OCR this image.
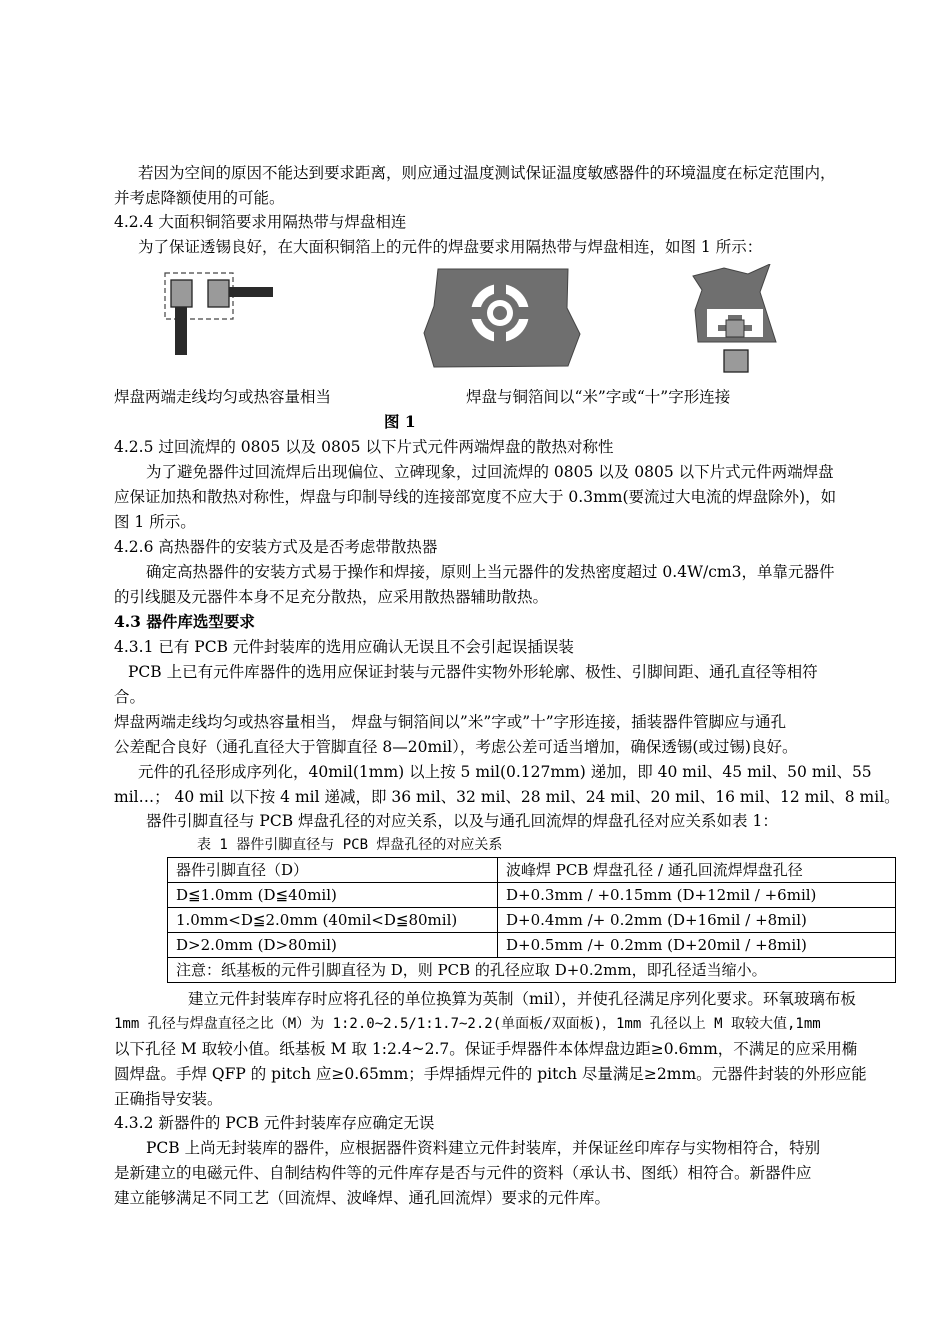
若因为空间的原因不能达到要求距离，则应通过温度测试保证温度敏感器件的环境温度在标定范围内，
并考虑降额使用的可能。
4.2.4 大面积铜箔要求用隔热带与焊盘相连
为了保证透锡良好，在大面积铜箔上的元件的焊盘要求用隔热带与焊盘相连，如图 1 所示：
焊盘两端走线均匀或热容量相当	焊盘与铜箔间以“米”字或“十”字形连接
图 1
4.2.5 过回流焊的 0805 以及 0805 以下片式元件两端焊盘的散热对称性
为了避免器件过回流焊后出现偏位、立碑现象，过回流焊的 0805 以及 0805 以下片式元件两端焊盘
应保证加热和散热对称性，焊盘与印制导线的连接部宽度不应大于 0.3mm(要流过大电流的焊盘除外)，如
图 1 所示。
4.2.6 高热器件的安装方式及是否考虑带散热器
确定高热器件的安装方式易于操作和焊接，原则上当元器件的发热密度超过 0.4W/cm3，单靠元器件
的引线腿及元器件本身不足充分散热，应采用散热器辅助散热。
4.3 器件库选型要求
4.3.1 已有 PCB 元件封装库的选用应确认无误且不会引起误插误装
PCB 上已有元件库器件的选用应保证封装与元器件实物外形轮廓、极性、引脚间距、通孔直径等相符
合。
焊盘两端走线均匀或热容量相当， 焊盘与铜箔间以”米”字或”十”字形连接，插装器件管脚应与通孔
公差配合良好（通孔直径大于管脚直径 8—20mil），考虑公差可适当增加，确保透锡(或过锡)良好。
元件的孔径形成序列化，40mil(1mm) 以上按 5 mil(0.127mm) 递加，即 40 mil、45 mil、50 mil、55
mil…； 40 mil 以下按 4 mil 递减，即 36 mil、32 mil、28 mil、24 mil、20 mil、16 mil、12 mil、8 mil。
器件引脚直径与 PCB 焊盘孔径的对应关系，以及与通孔回流焊的焊盘孔径对应关系如表 1：
表 1 器件引脚直径与 PCB 焊盘孔径的对应关系
器件引脚直径（D）	波峰焊 PCB 焊盘孔径 / 通孔回流焊焊盘孔径
D≦1.0mm (D≦40mil)	D+0.3mm / +0.15mm (D+12mil / +6mil)
1.0mm<D≦2.0mm (40mil<D≦80mil)	D+0.4mm /+ 0.2mm (D+16mil / +8mil)
D>2.0mm (D>80mil)	D+0.5mm /+ 0.2mm (D+20mil / +8mil)
注意：纸基板的元件引脚直径为 D，则 PCB 的孔径应取 D+0.2mm，即孔径适当缩小。	
建立元件封装库存时应将孔径的单位换算为英制（mil），并使孔径满足序列化要求。环氧玻璃布板
1mm 孔径与焊盘直径之比（M）为 1:2.0~2.5/1:1.7~2.2(单面板/双面板)，1mm 孔径以上 M 取较大值,1mm
以下孔径 M 取较小值。纸基板 M 取 1:2.4~2.7。保证手焊器件本体焊盘边距≥0.6mm，不满足的应采用椭
圆焊盘。手焊 QFP 的 pitch 应≥0.65mm；手焊插焊元件的 pitch 尽量满足≥2mm。元器件封装的外形应能
正确指导安装。
4.3.2 新器件的 PCB 元件封装库存应确定无误
PCB 上尚无封装库的器件，应根据器件资料建立元件封装库，并保证丝印库存与实物相符合，特别
是新建立的电磁元件、自制结构件等的元件库存是否与元件的资料（承认书、图纸）相符合。新器件应
建立能够满足不同工艺（回流焊、波峰焊、通孔回流焊）要求的元件库。
